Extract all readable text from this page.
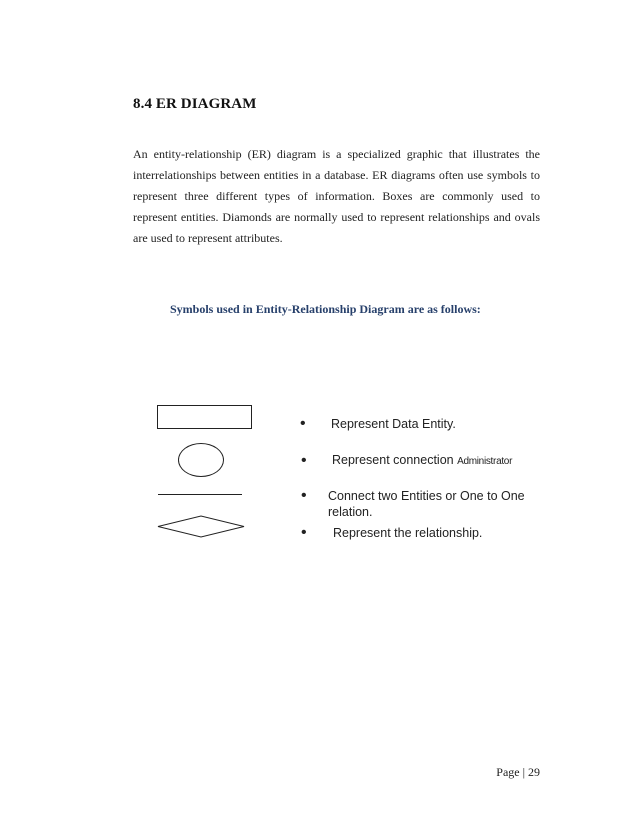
8.4 ER DIAGRAM

An entity-relationship (ER) diagram is a specialized graphic that illustrates the interrelationships between entities in a database. ER diagrams often use symbols to represent three different types of information. Boxes are commonly used to represent entities. Diamonds are normally used to represent relationships and ovals are used to represent attributes.

Symbols used in Entity-Relationship Diagram are as follows:
• Represent Data Entity.
• Represent connection Administrator
• Connect two Entities or One to One
relation.
• Represent the relationship.
Page | 29
